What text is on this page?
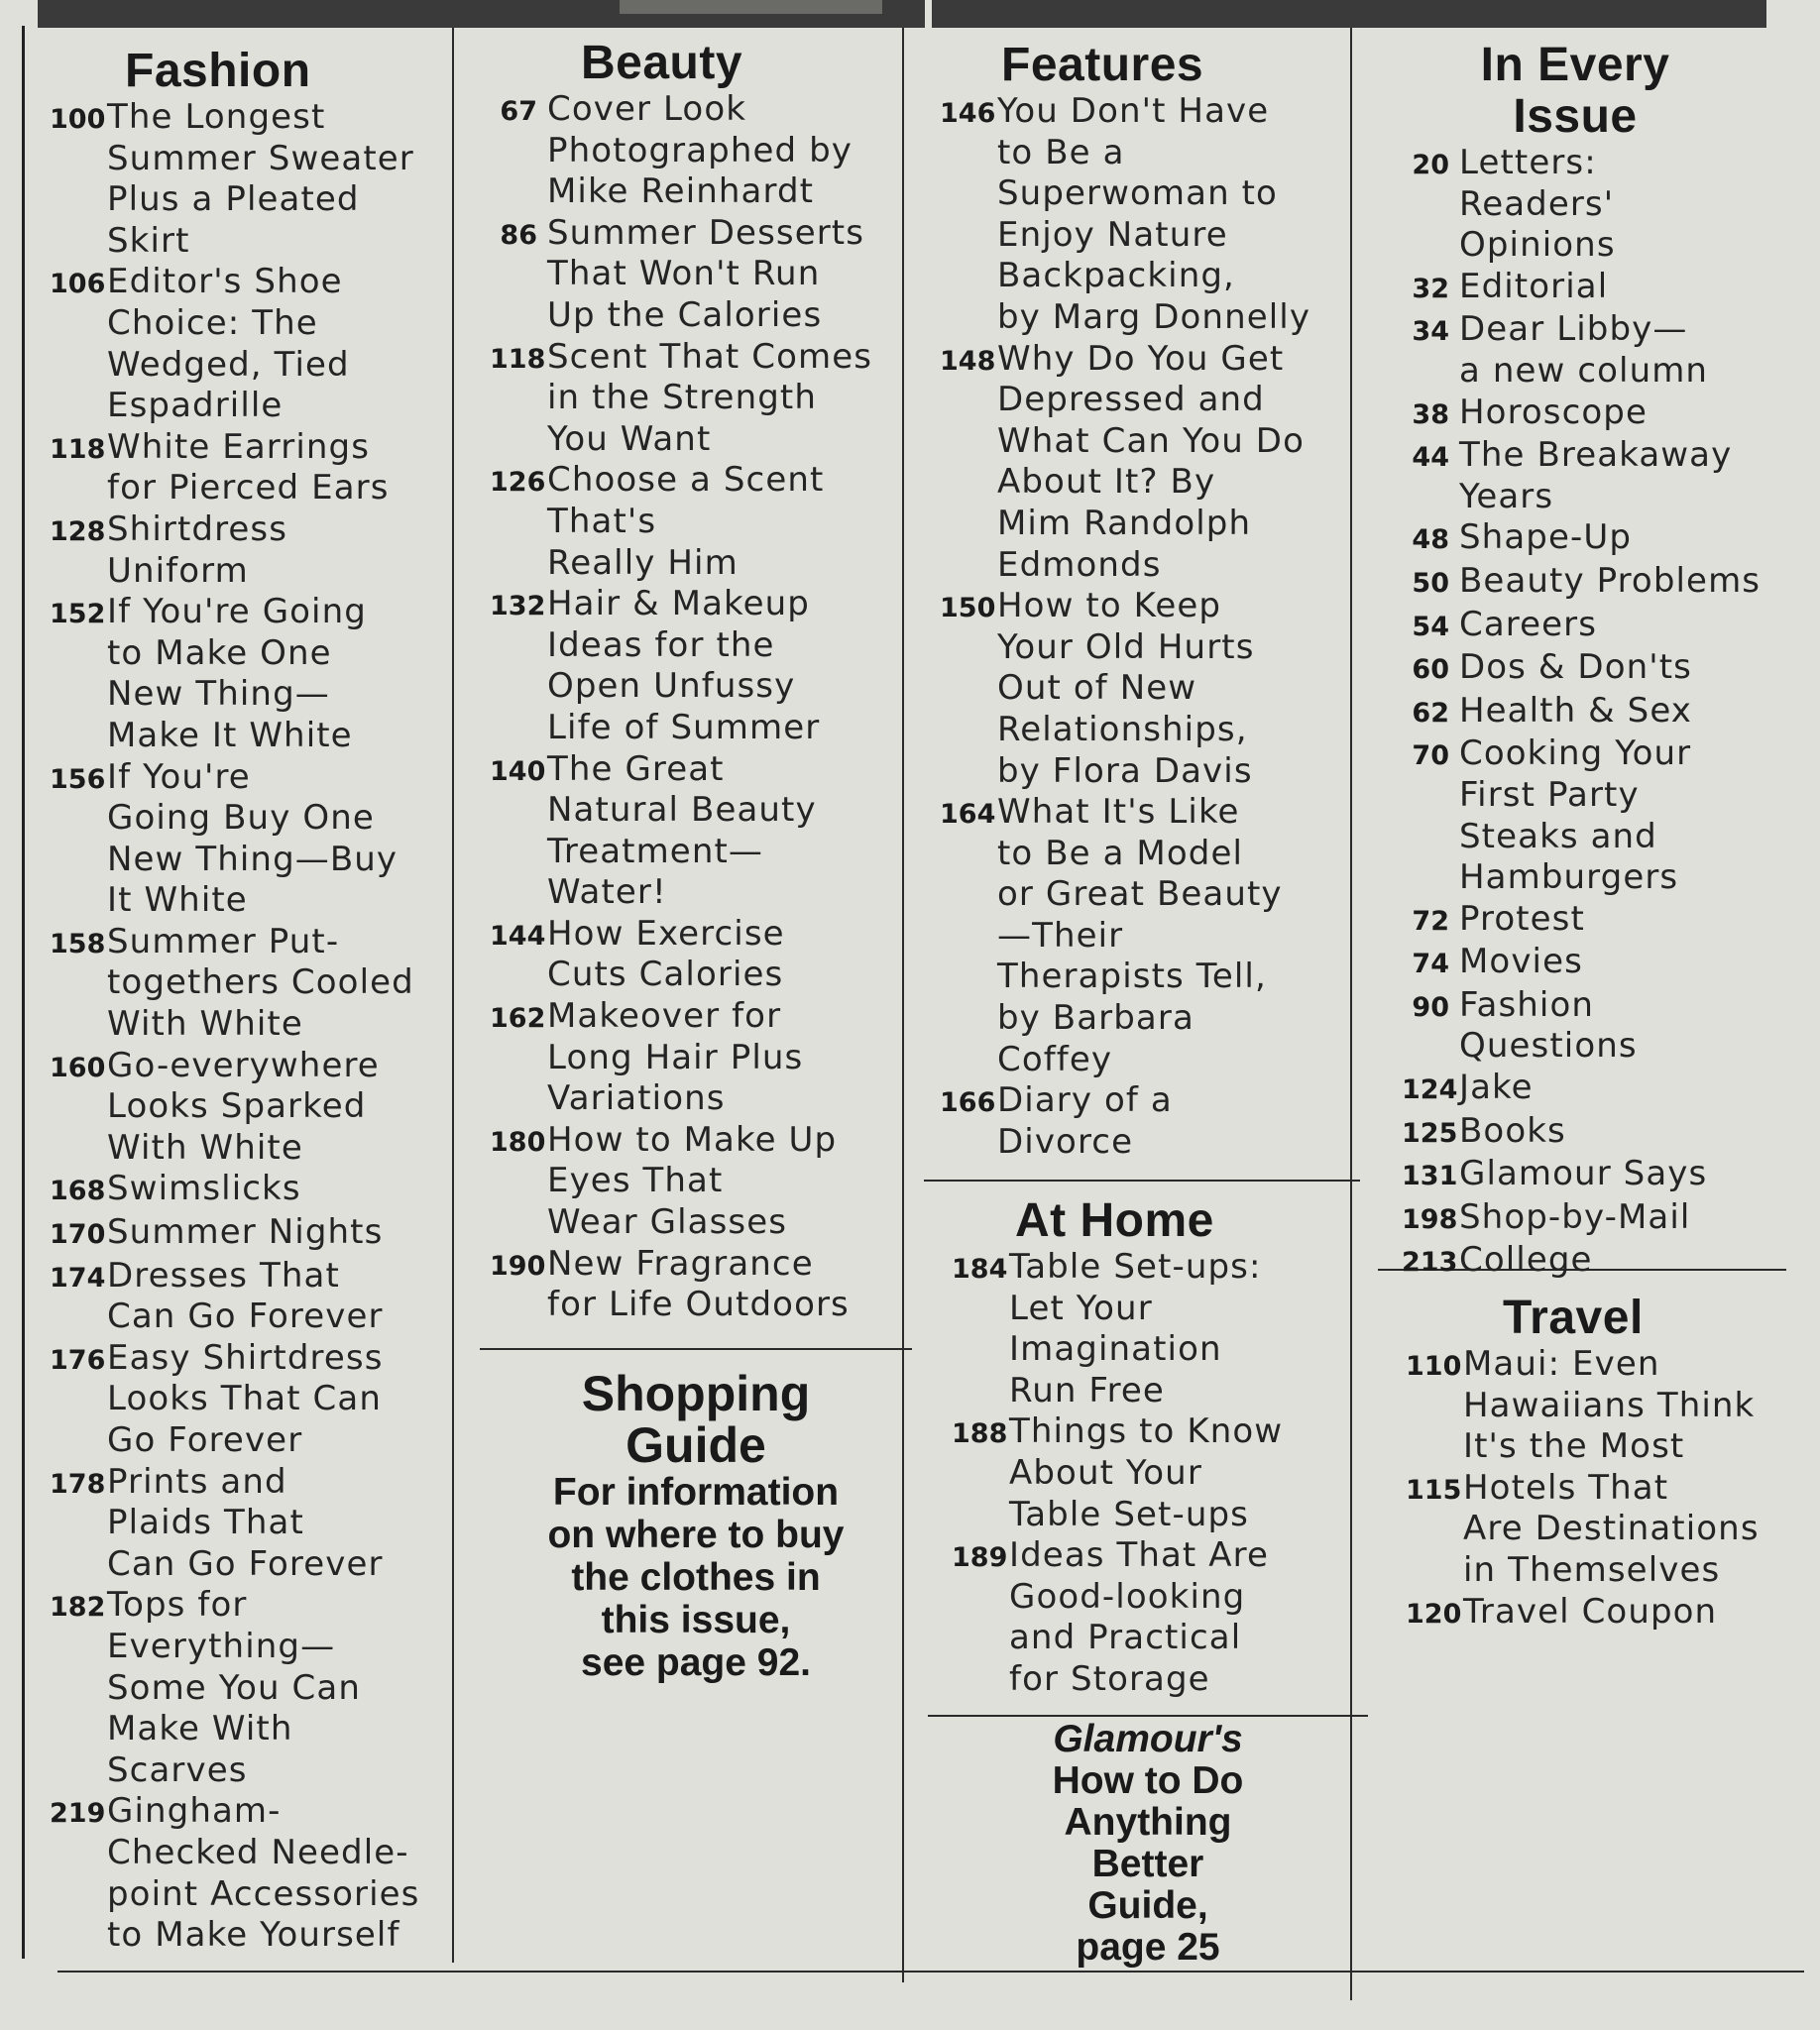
Fashion
100 The Longest
Summer Sweater
Plus a Pleated
Skirt
106 Editor's Shoe
Choice: The
Wedged, Tied
Espadrille
118 White Earrings
for Pierced Ears
128 Shirtdress
Uniform
152 If You're Going
to Make One
New Thing—
Make It White
156 If You're
Going Buy One
New Thing—Buy
It White
158 Summer Put-
togethers Cooled
With White
160 Go-everywhere
Looks Sparked
With White
168 Swimslicks
170 Summer Nights
174 Dresses That
Can Go Forever
176 Easy Shirtdress
Looks That Can
Go Forever
178 Prints and
Plaids That
Can Go Forever
182 Tops for
Everything—
Some You Can
Make With
Scarves
219 Gingham-
Checked Needle-
point Accessories
to Make Yourself
Beauty
67 Cover Look
Photographed by
Mike Reinhardt
86 Summer Desserts
That Won't Run
Up the Calories
118 Scent That Comes
in the Strength
You Want
126 Choose a Scent
That's
Really Him
132 Hair & Makeup
Ideas for the
Open Unfussy
Life of Summer
140 The Great
Natural Beauty
Treatment—
Water!
144 How Exercise
Cuts Calories
162 Makeover for
Long Hair Plus
Variations
180 How to Make Up
Eyes That
Wear Glasses
190 New Fragrance
for Life Outdoors
Shopping
Guide
For information
on where to buy
the clothes in
this issue,
see page 92.
Features
146 You Don't Have
to Be a
Superwoman to
Enjoy Nature
Backpacking,
by Marg Donnelly
148 Why Do You Get
Depressed and
What Can You Do
About It? By
Mim Randolph
Edmonds
150 How to Keep
Your Old Hurts
Out of New
Relationships,
by Flora Davis
164 What It's Like
to Be a Model
or Great Beauty
—Their
Therapists Tell,
by Barbara
Coffey
166 Diary of a
Divorce
At Home
184 Table Set-ups:
Let Your
Imagination
Run Free
188 Things to Know
About Your
Table Set-ups
189 Ideas That Are
Good-looking
and Practical
for Storage
Glamour's
How to Do
Anything
Better
Guide,
page 25
In Every
Issue
20 Letters:
Readers'
Opinions
32 Editorial
34 Dear Libby—
a new column
38 Horoscope
44 The Breakaway
Years
48 Shape-Up
50 Beauty Problems
54 Careers
60 Dos & Don'ts
62 Health & Sex
70 Cooking Your
First Party
Steaks and
Hamburgers
72 Protest
74 Movies
90 Fashion
Questions
124 Jake
125 Books
131 Glamour Says
198 Shop-by-Mail
213 College
Travel
110 Maui: Even
Hawaiians Think
It's the Most
115 Hotels That
Are Destinations
in Themselves
120 Travel Coupon
